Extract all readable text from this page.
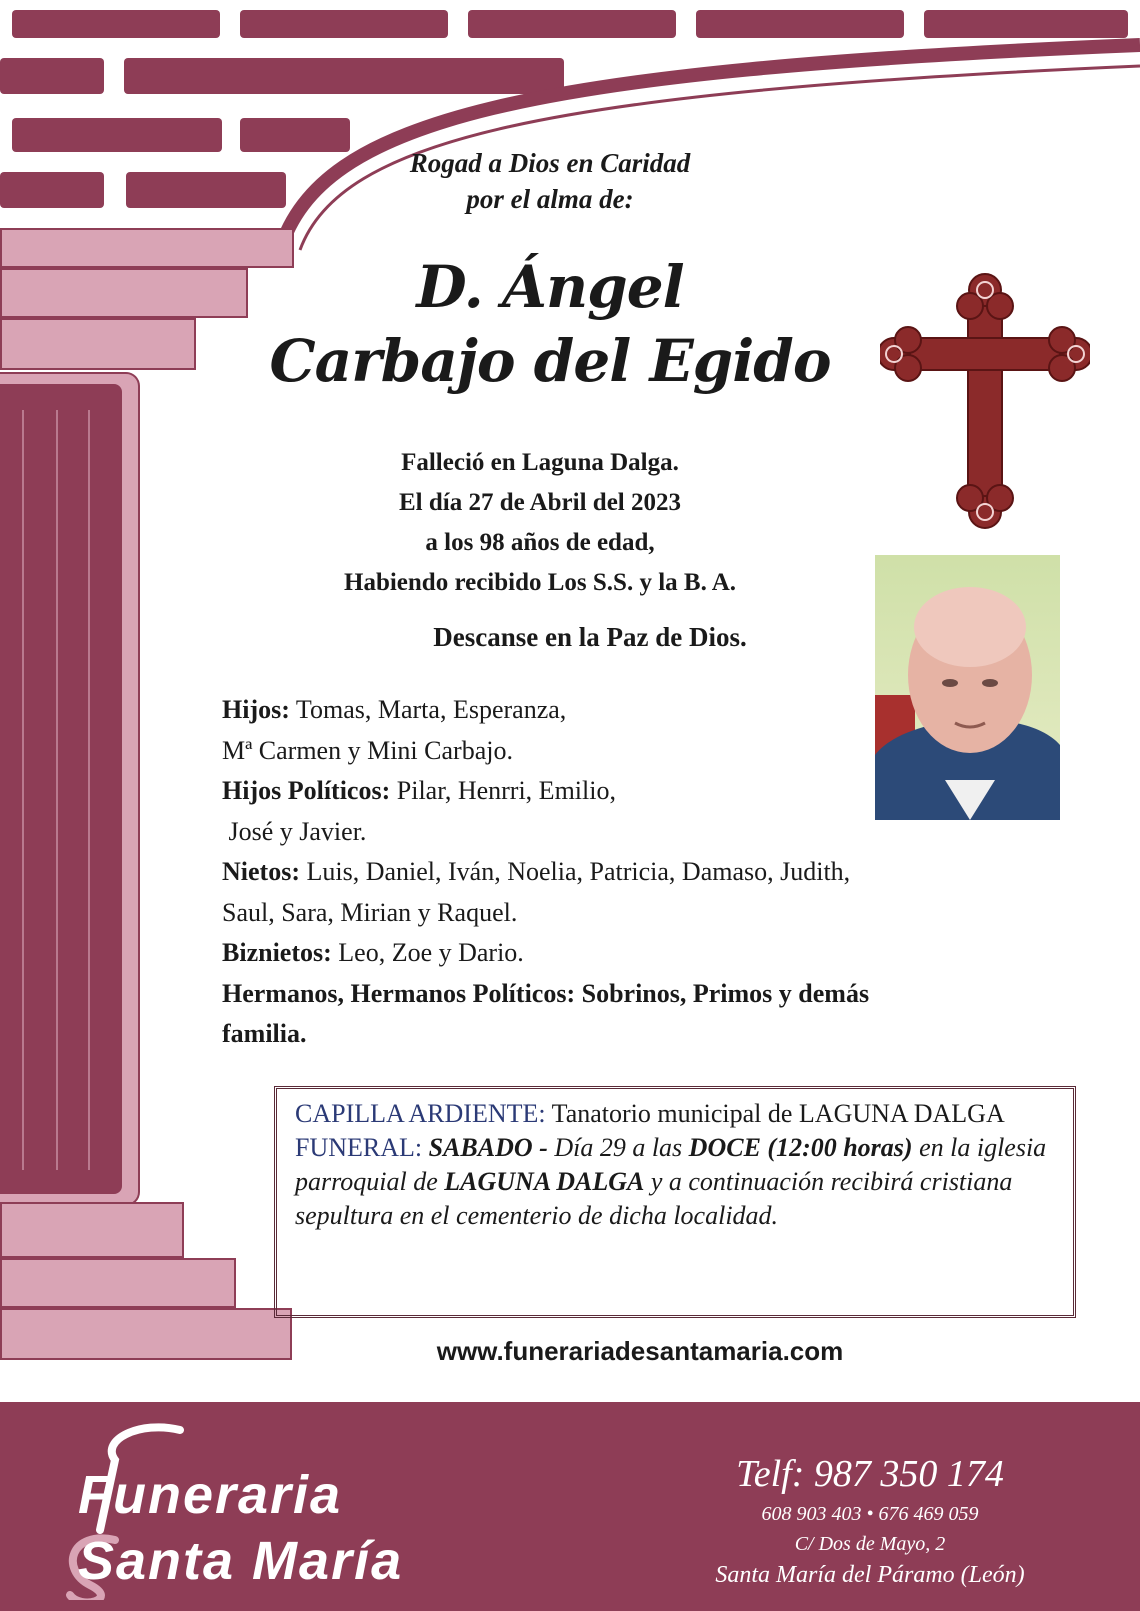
Rogad a Dios en Caridad
por el alma de:
D. Ángel
Carbajo del Egido
Falleció en Laguna Dalga.
El día 27 de Abril del 2023
a los 98 años de edad,
Habiendo recibido Los S.S. y la B. A.
Descanse en la Paz de Dios.
Hijos: Tomas, Marta, Esperanza,
Mª Carmen y Mini Carbajo.
Hijos Políticos: Pilar, Henrri, Emilio,
José y Javier.
Nietos: Luis, Daniel, Iván, Noelia, Patricia, Damaso, Judith,
Saul, Sara, Mirian y Raquel.
Biznietos: Leo, Zoe y Dario.
Hermanos, Hermanos Políticos: Sobrinos, Primos y demás
familia.
CAPILLA ARDIENTE: Tanatorio municipal de LAGUNA DALGA
FUNERAL: SABADO - Día 29 a las DOCE (12:00 horas) en la iglesia parroquial de LAGUNA DALGA y a continuación recibirá cristiana sepultura en el cementerio de dicha localidad.
www.funerariadesantamaria.com
Funeraria
Santa María
Telf: 987 350 174
608 903 403 • 676 469 059
C/ Dos de Mayo, 2
Santa María del Páramo (León)
